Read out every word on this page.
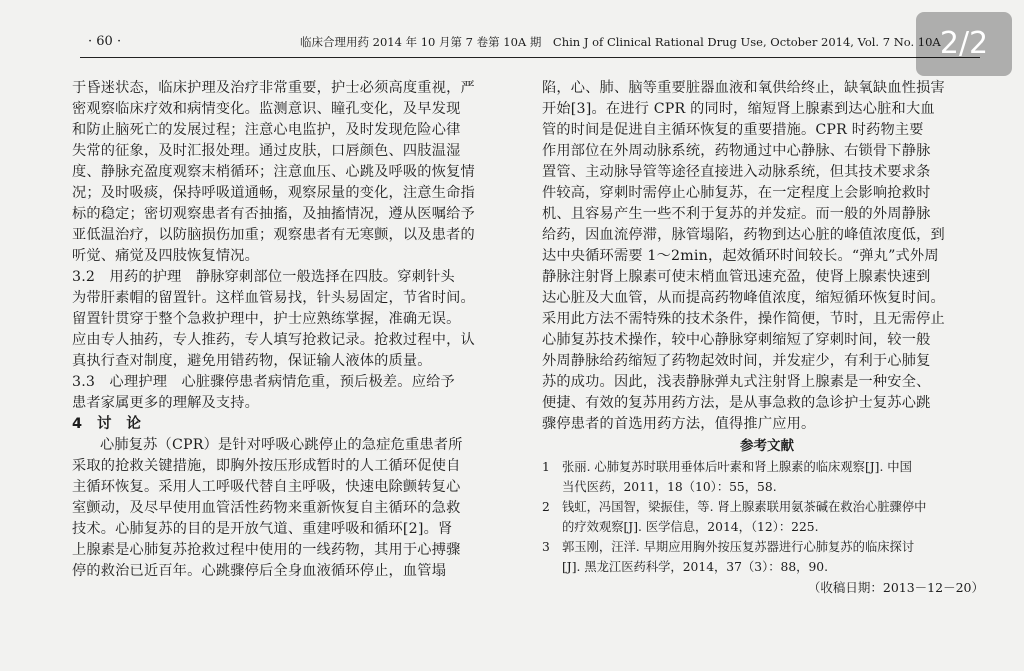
· 60 ·	临床合理用药 2014 年 10 月第 7 卷第 10A 期　Chin J of Clinical Rational Drug Use, October 2014, Vol. 7 No. 10A 2/2
于昏迷状态，临床护理及治疗非常重要，护士必须高度重视，严
密观察临床疗效和病情变化。监测意识、瞳孔变化，及早发现
和防止脑死亡的发展过程；注意心电监护，及时发现危险心律
失常的征象，及时汇报处理。通过皮肤，口唇颜色、四肢温湿
度、静脉充盈度观察末梢循环；注意血压、心跳及呼吸的恢复情
况；及时吸痰，保持呼吸道通畅，观察尿量的变化，注意生命指
标的稳定；密切观察患者有否抽搐，及抽搐情况，遵从医嘱给予
亚低温治疗，以防脑损伤加重；观察患者有无寒颤，以及患者的
听觉、痛觉及四肢恢复情况。
3.2　用药的护理　静脉穿刺部位一般选择在四肢。穿刺针头
为带肝素帽的留置针。这样血管易找，针头易固定，节省时间。
留置针贯穿于整个急救护理中，护士应熟练掌握，准确无误。
应由专人抽药，专人推药，专人填写抢救记录。抢救过程中，认
真执行查对制度，避免用错药物，保证输人液体的质量。
3.3　心理护理　心脏骤停患者病情危重，预后极差。应给予
患者家属更多的理解及支持。
4　讨　论
心肺复苏（CPR）是针对呼吸心跳停止的急症危重患者所
采取的抢救关键措施，即胸外按压形成暂时的人工循环促使自
主循环恢复。采用人工呼吸代替自主呼吸，快速电除颤转复心
室颤动，及尽早使用血管活性药物来重新恢复自主循环的急救
技术。心肺复苏的目的是开放气道、重建呼吸和循环[2]。肾
上腺素是心肺复苏抢救过程中使用的一线药物，其用于心搏骤
停的救治已近百年。心跳骤停后全身血液循环停止，血管塌
陷，心、肺、脑等重要脏器血液和氧供给终止，缺氧缺血性损害
开始[3]。在进行 CPR 的同时，缩短肾上腺素到达心脏和大血
管的时间是促进自主循环恢复的重要措施。CPR 时药物主要
作用部位在外周动脉系统，药物通过中心静脉、右锁骨下静脉
置管、主动脉导管等途径直接进入动脉系统，但其技术要求条
件较高，穿刺时需停止心肺复苏，在一定程度上会影响抢救时
机、且容易产生一些不利于复苏的并发症。而一般的外周静脉
给药，因血流停滞，脉管塌陷，药物到达心脏的峰值浓度低，到
达中央循环需要 1～2min，起效循环时间较长。“弹丸”式外周
静脉注射肾上腺素可使末梢血管迅速充盈，使肾上腺素快速到
达心脏及大血管，从而提高药物峰值浓度，缩短循环恢复时间。
采用此方法不需特殊的技术条件，操作简便，节时，且无需停止
心肺复苏技术操作，较中心静脉穿刺缩短了穿刺时间，较一般
外周静脉给药缩短了药物起效时间，并发症少，有利于心肺复
苏的成功。因此，浅表静脉弹丸式注射肾上腺素是一种安全、
便捷、有效的复苏用药方法，是从事急救的急诊护士复苏心跳
骤停患者的首选用药方法，值得推广应用。
参考文献
1 张丽. 心肺复苏时联用垂体后叶素和肾上腺素的临床观察[J]. 中国
当代医药，2011，18（10）：55，58.
2 钱虹，冯国智，梁振佳，等. 肾上腺素联用氨茶碱在救治心脏骤停中
的疗效观察[J]. 医学信息，2014，（12）：225.
3 郭玉刚，汪洋. 早期应用胸外按压复苏器进行心肺复苏的临床探讨
[J]. 黑龙江医药科学，2014，37（3）：88，90.
（收稿日期：2013－12－20）
